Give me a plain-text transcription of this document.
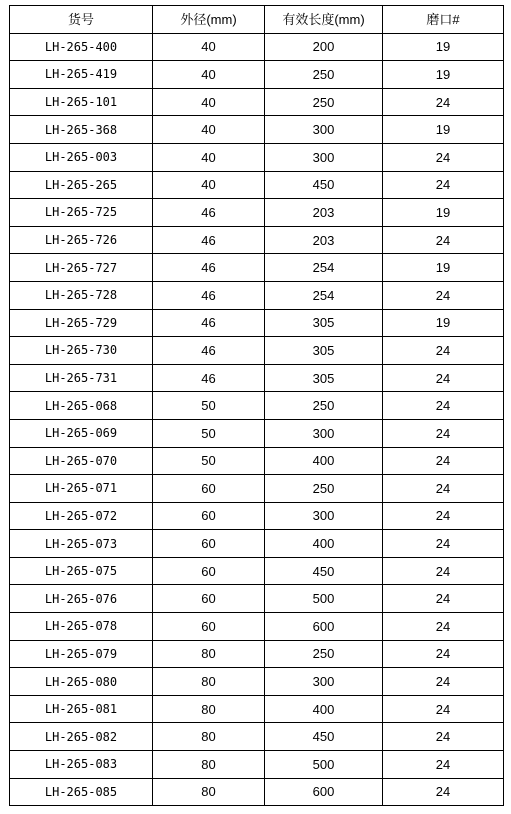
货号	外径(mm)	有效长度(mm)	磨口#
LH-265-400	40	200	19
LH-265-419	40	250	19
LH-265-101	40	250	24
LH-265-368	40	300	19
LH-265-003	40	300	24
LH-265-265	40	450	24
LH-265-725	46	203	19
LH-265-726	46	203	24
LH-265-727	46	254	19
LH-265-728	46	254	24
LH-265-729	46	305	19
LH-265-730	46	305	24
LH-265-731	46	305	24
LH-265-068	50	250	24
LH-265-069	50	300	24
LH-265-070	50	400	24
LH-265-071	60	250	24
LH-265-072	60	300	24
LH-265-073	60	400	24
LH-265-075	60	450	24
LH-265-076	60	500	24
LH-265-078	60	600	24
LH-265-079	80	250	24
LH-265-080	80	300	24
LH-265-081	80	400	24
LH-265-082	80	450	24
LH-265-083	80	500	24
LH-265-085	80	600	24
